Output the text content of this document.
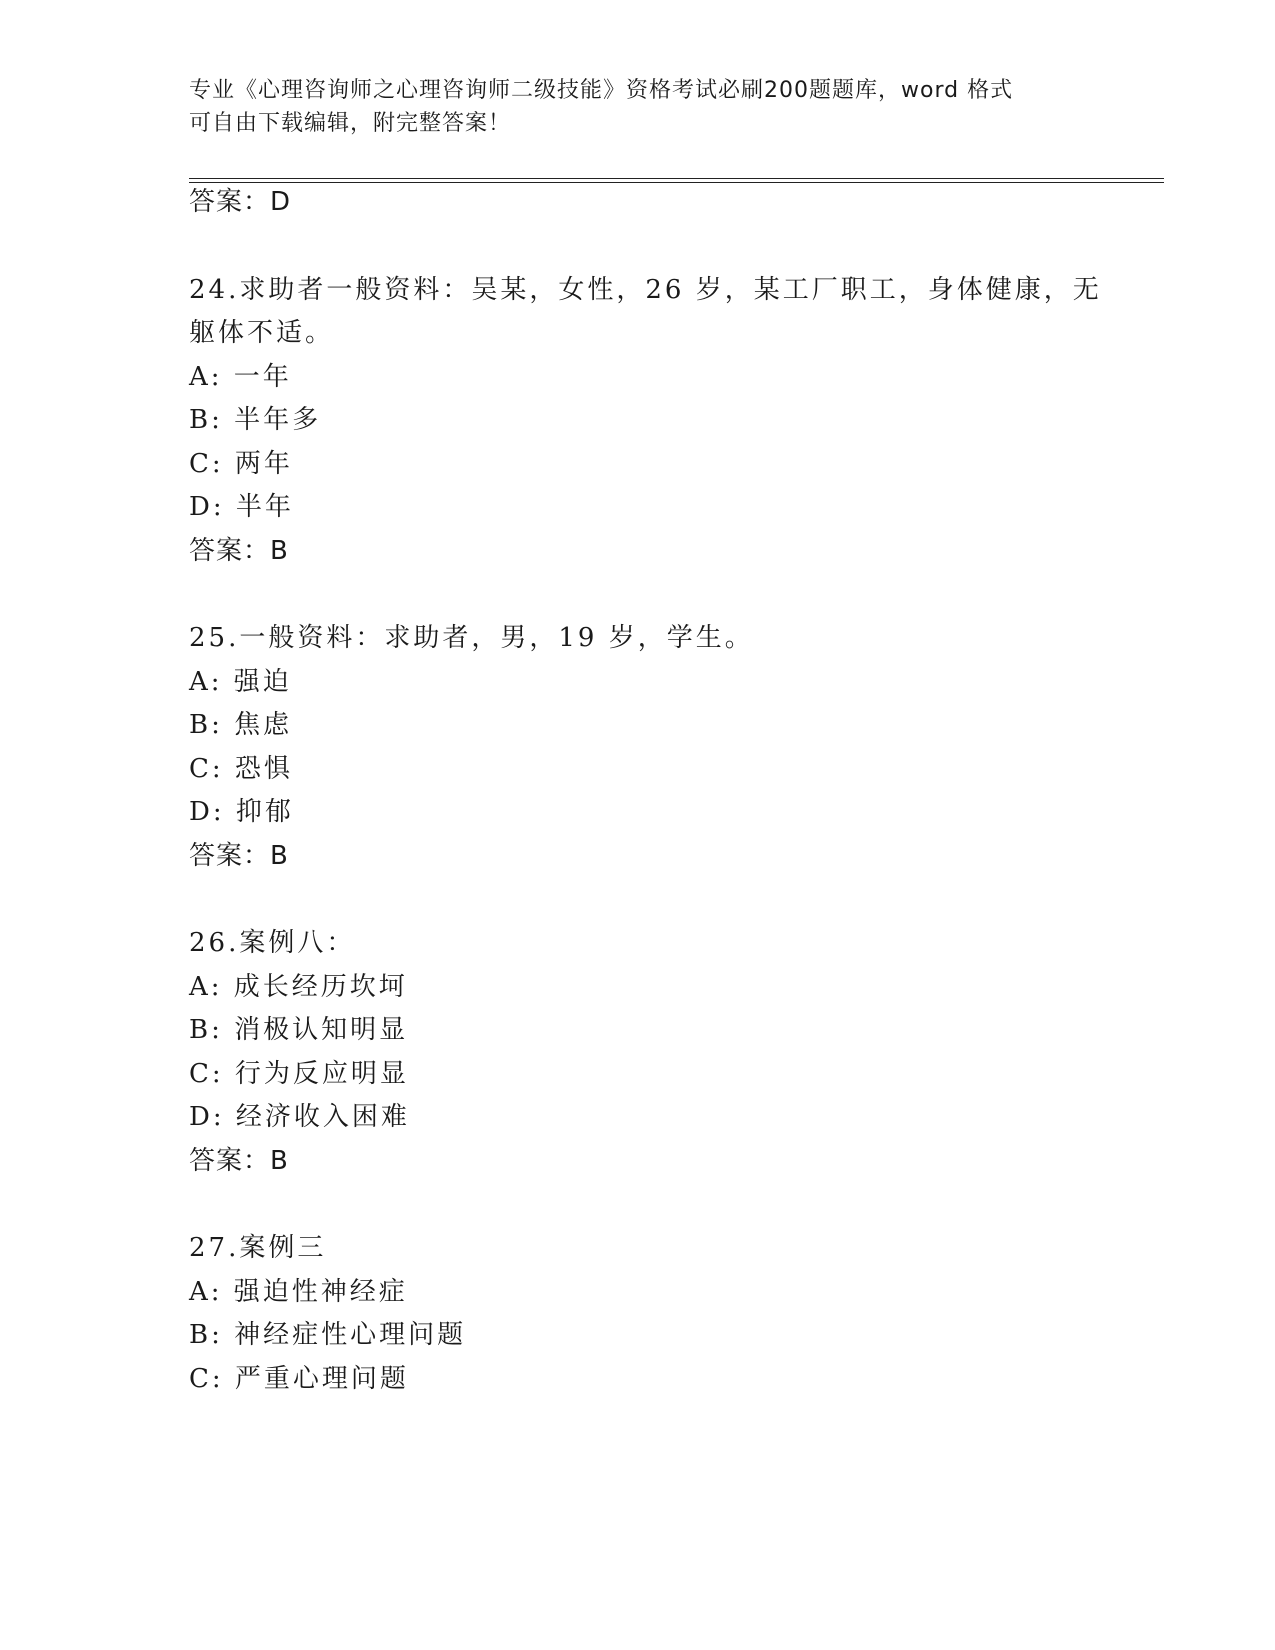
专业《心理咨询师之心理咨询师二级技能》资格考试必刷200题题库，word 格式
可自由下载编辑，附完整答案！
答案：D
24.求助者一般资料：吴某，女性，26 岁，某工厂职工，身体健康，无
躯体不适。
A: 一年
B: 半年多
C: 两年
D: 半年
答案：B
25.一般资料：求助者，男，19 岁，学生。
A: 强迫
B: 焦虑
C: 恐惧
D: 抑郁
答案：B
26.案例八：
A: 成长经历坎坷
B: 消极认知明显
C: 行为反应明显
D: 经济收入困难
答案：B
27.案例三
A: 强迫性神经症
B: 神经症性心理问题
C: 严重心理问题
